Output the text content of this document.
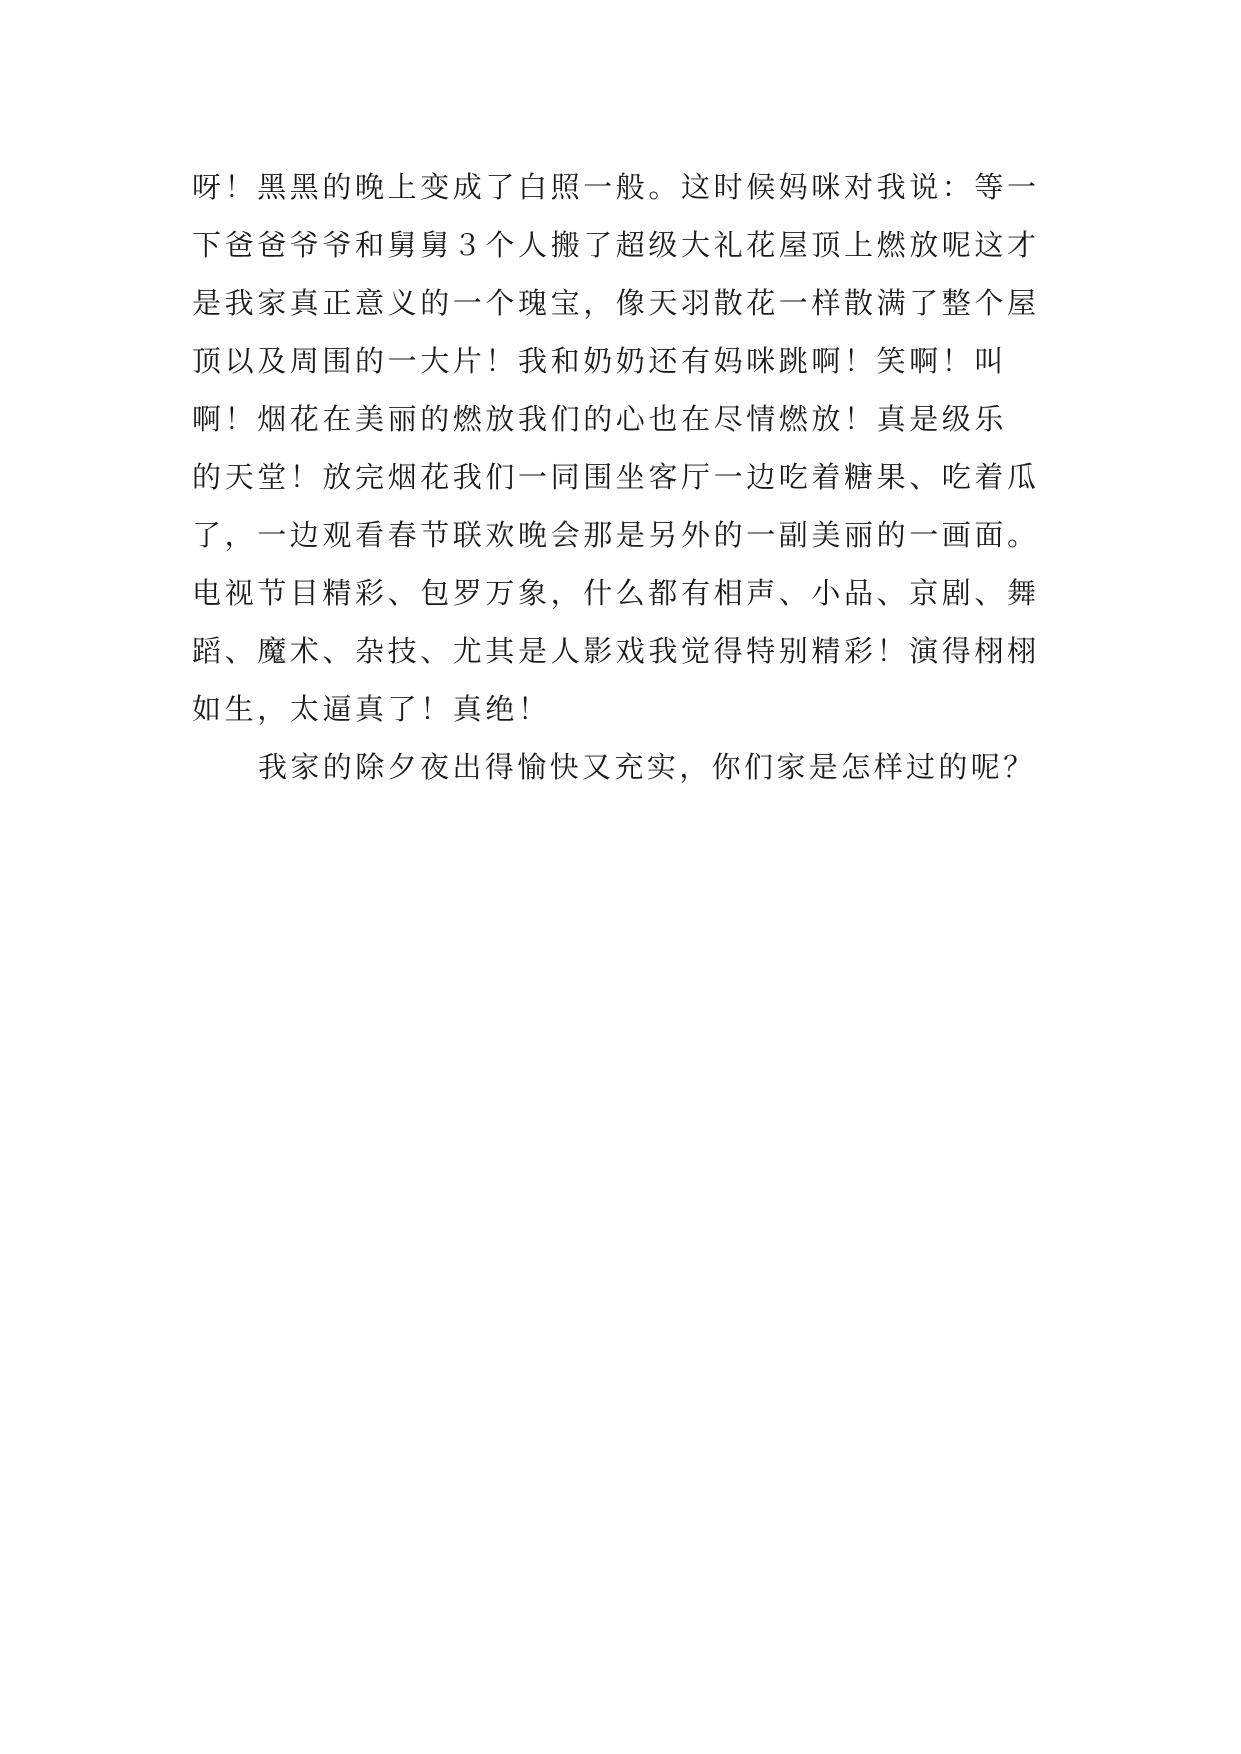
呀！黑黑的晚上变成了白照一般。这时候妈咪对我说：等一
下爸爸爷爷和舅舅３个人搬了超级大礼花屋顶上燃放呢这才
是我家真正意义的一个瑰宝，像天羽散花一样散满了整个屋
顶以及周围的一大片！我和奶奶还有妈咪跳啊！笑啊！叫
啊！烟花在美丽的燃放我们的心也在尽情燃放！真是级乐
的天堂！放完烟花我们一同围坐客厅一边吃着糖果、吃着瓜
了，一边观看春节联欢晚会那是另外的一副美丽的一画面。
电视节目精彩、包罗万象，什么都有相声、小品、京剧、舞
蹈、魔术、杂技、尤其是人影戏我觉得特别精彩！演得栩栩
如生，太逼真了！真绝！
我家的除夕夜出得愉快又充实，你们家是怎样过的呢？
